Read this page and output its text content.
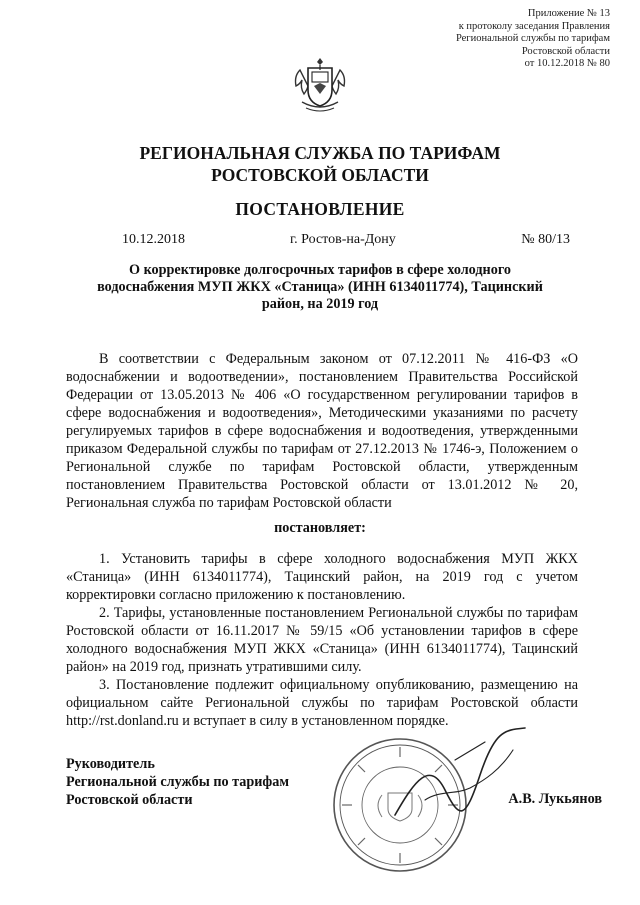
Приложение № 13
к протоколу заседания Правления
Региональной службы по тарифам
Ростовской области
от 10.12.2018 № 80
РЕГИОНАЛЬНАЯ СЛУЖБА ПО ТАРИФАМ
РОСТОВСКОЙ ОБЛАСТИ
ПОСТАНОВЛЕНИЕ
10.12.2018	г. Ростов-на-Дону	№ 80/13
О корректировке долгосрочных тарифов в сфере холодного водоснабжения МУП ЖКХ «Станица» (ИНН 6134011774), Тацинский район, на 2019 год

В соответствии с Федеральным законом от 07.12.2011 № 416-ФЗ «О водоснабжении и водоотведении», постановлением Правительства Российской Федерации от 13.05.2013 № 406 «О государственном регулировании тарифов в сфере водоснабжения и водоотведения», Методическими указаниями по расчету регулируемых тарифов в сфере водоснабжения и водоотведения, утвержденными приказом Федеральной службы по тарифам от 27.12.2013 № 1746-э, Положением о Региональной службе по тарифам Ростовской области, утвержденным постановлением Правительства Ростовской области от 13.01.2012 № 20, Региональная служба по тарифам Ростовской области

постановляет:

1. Установить тарифы в сфере холодного водоснабжения МУП ЖКХ «Станица» (ИНН 6134011774), Тацинский район, на 2019 год с учетом корректировки согласно приложению к постановлению.

2. Тарифы, установленные постановлением Региональной службы по тарифам Ростовской области от 16.11.2017 № 59/15 «Об установлении тарифов в сфере холодного водоснабжения МУП ЖКХ «Станица» (ИНН 6134011774), Тацинский район» на 2019 год, признать утратившими силу.

3. Постановление подлежит официальному опубликованию, размещению на официальном сайте Региональной службы по тарифам Ростовской области http://rst.donland.ru и вступает в силу в установленном порядке.

Руководитель
Региональной службы по тарифам
Ростовской области	А.В. Лукьянов
